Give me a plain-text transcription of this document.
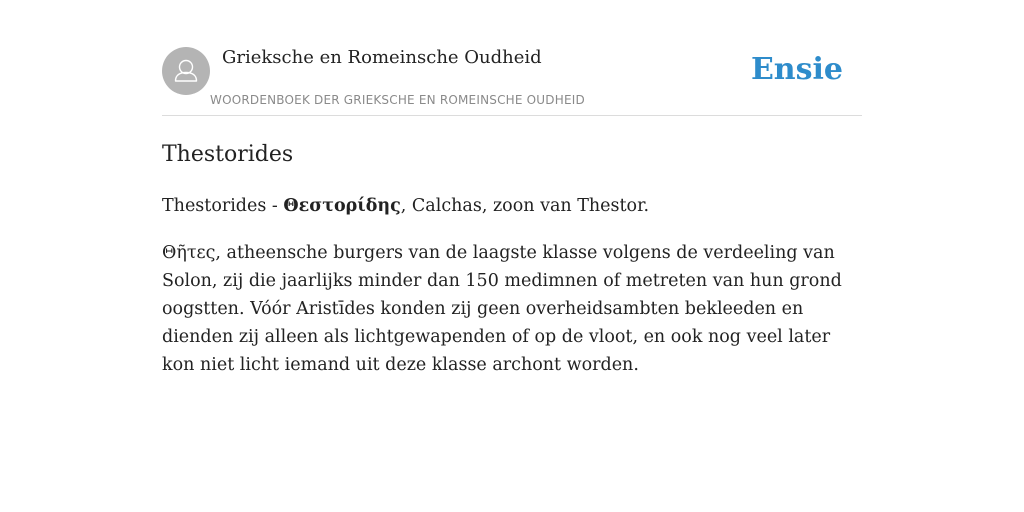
Grieksche en Romeinsche Oudheid
WOORDENBOEK DER GRIEKSCHE EN ROMEINSCHE OUDHEID
Ensie
Thestorides

Thestorides - Θεστορίδης, Calchas, zoon van Thestor.

Θῆτες, atheensche burgers van de laagste klasse volgens de verdeeling van Solon, zij die jaarlijks minder dan 150 medimnen of metreten van hun grond oogstten. Vóór Aristīdes konden zij geen overheidsambten bekleeden en dienden zij alleen als lichtgewapenden of op de vloot, en ook nog veel later kon niet licht iemand uit deze klasse archont worden.
